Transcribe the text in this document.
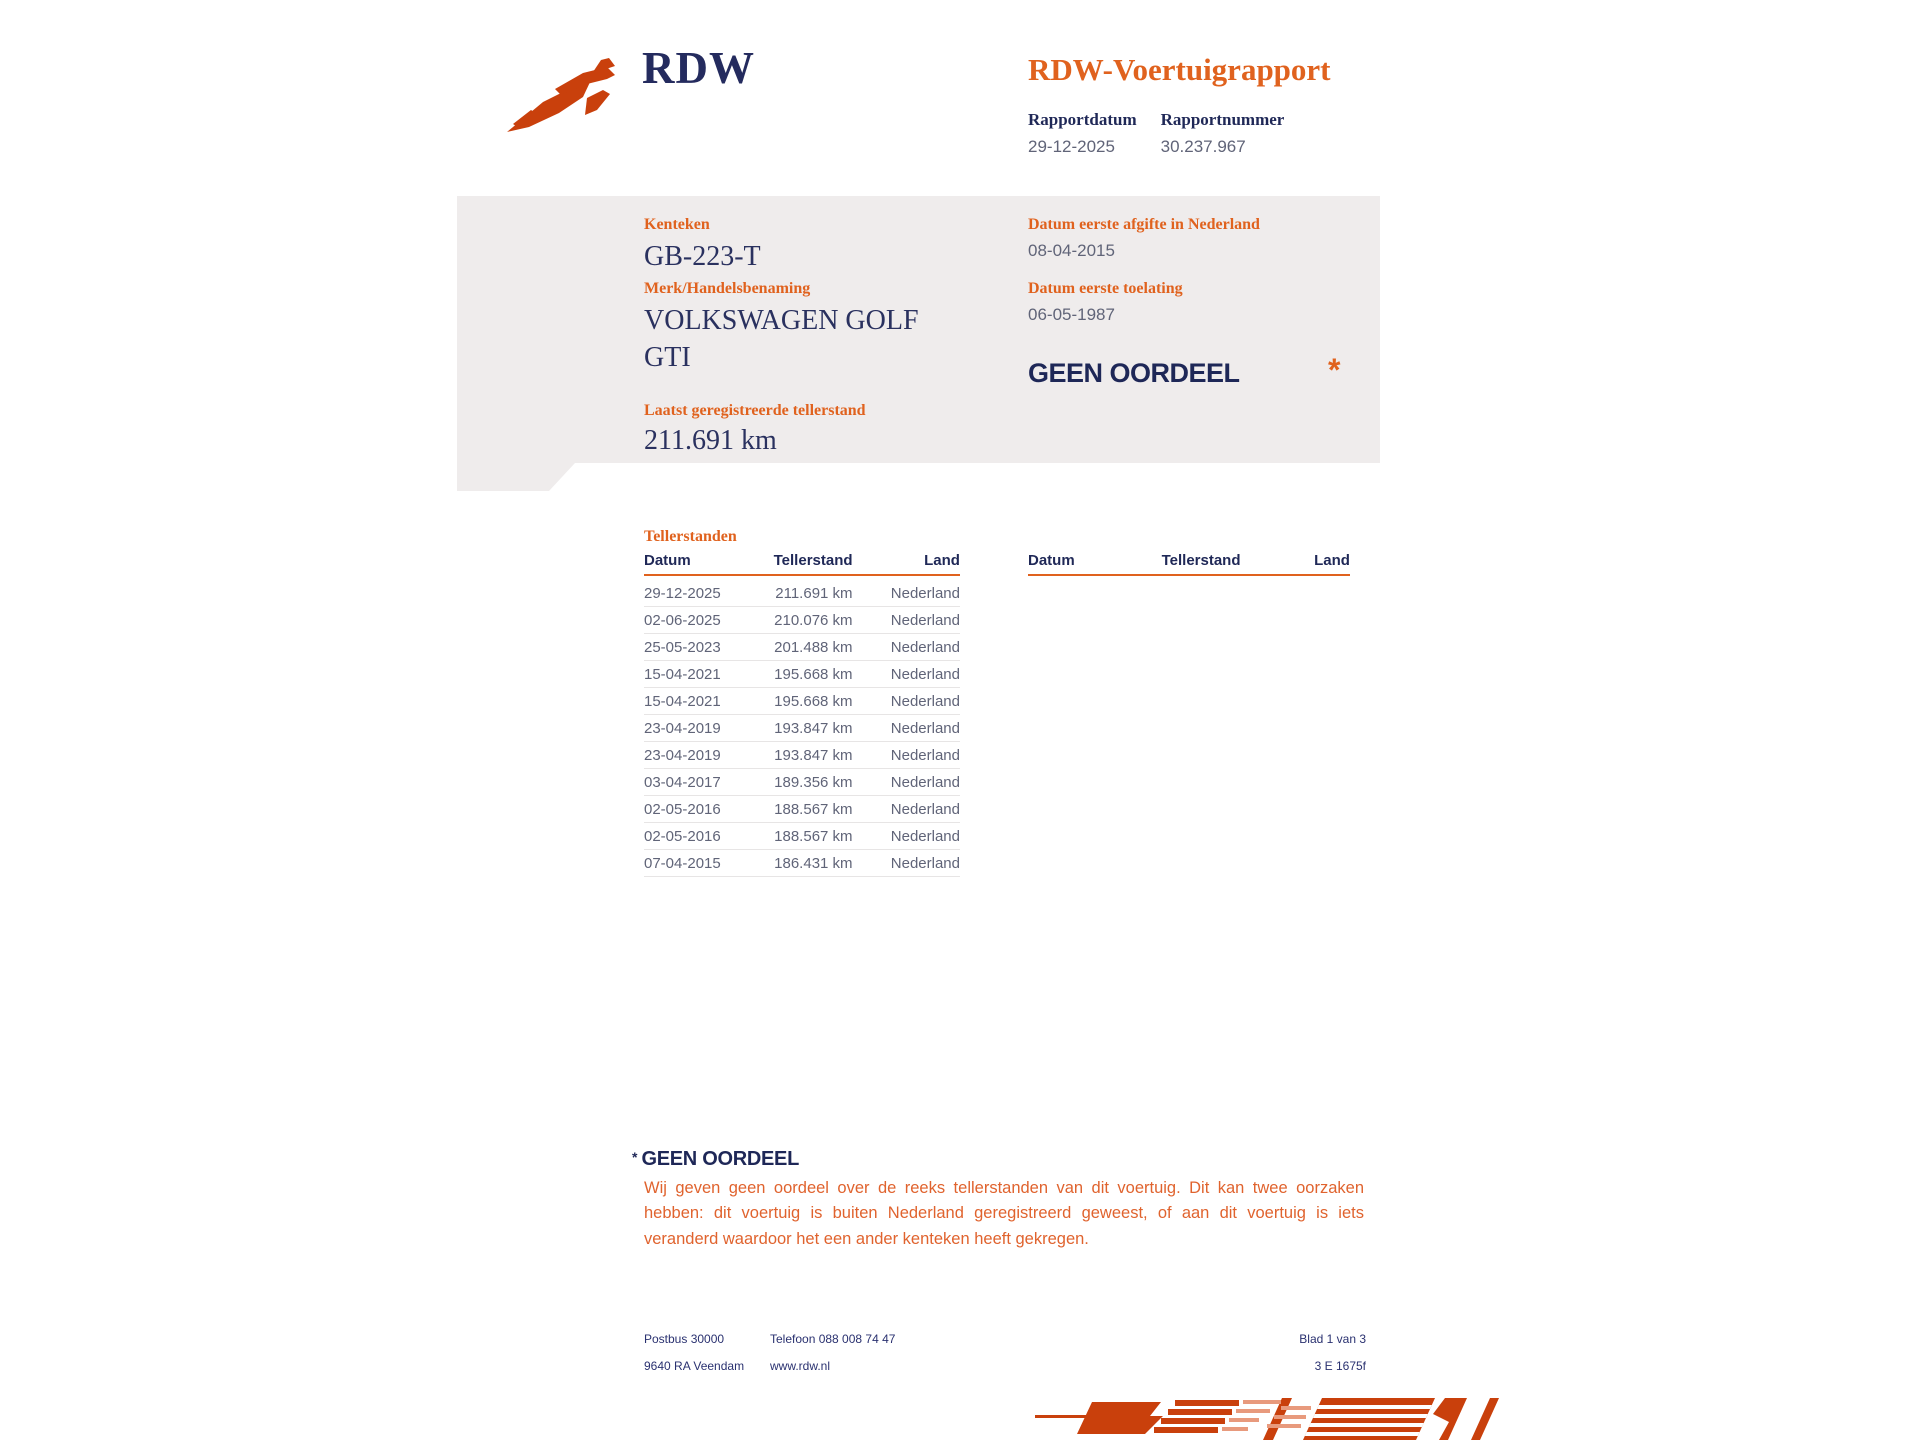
RDW	RDW-Voertuigrapport
Rapportdatum
29-12-2025
Rapportnummer
30.237.967
Kenteken
GB-223-T
Merk/Handelsbenaming
VOLKSWAGEN GOLF GTI
Laatst geregistreerde tellerstand
211.691 km
Datum eerste afgifte in Nederland
08-04-2015
Datum eerste toelating
06-05-1987
GEEN OORDEEL	*
Tellerstanden
Datum	Tellerstand	Land
29-12-2025	211.691 km	Nederland
02-06-2025	210.076 km	Nederland
25-05-2023	201.488 km	Nederland
15-04-2021	195.668 km	Nederland
15-04-2021	195.668 km	Nederland
23-04-2019	193.847 km	Nederland
23-04-2019	193.847 km	Nederland
03-04-2017	189.356 km	Nederland
02-05-2016	188.567 km	Nederland
02-05-2016	188.567 km	Nederland
07-04-2015	186.431 km	Nederland
Datum	Tellerstand	Land
* GEEN OORDEEL
Wij geven geen oordeel over de reeks tellerstanden van dit voertuig. Dit kan twee oorzaken hebben: dit voertuig is buiten Nederland geregistreerd geweest, of aan dit voertuig is iets veranderd waardoor het een ander kenteken heeft gekregen.
Postbus 30000
9640 RA Veendam
Telefoon 088 008 74 47
www.rdw.nl
Blad 1 van 3
3 E 1675f
